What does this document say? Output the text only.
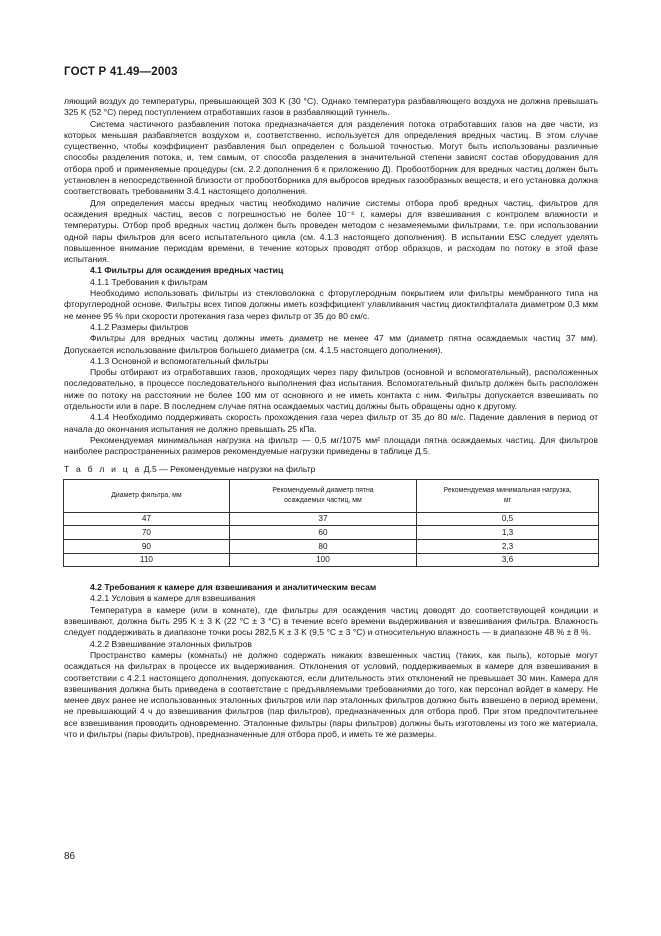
ГОСТ Р 41.49—2003

ляющий воздух до температуры, превышающей 303 K (30 °C). Однако температура разбавляющего воздуха не должна превышать 325 K (52 °C) перед поступлением отработавших газов в разбавляющий туннель.

Система частичного разбавления потока предназначается для разделения потока отработавших газов на две части, из которых меньшая разбавляется воздухом и, соответственно, используется для определения вредных частиц. В этом случае существенно, чтобы коэффициент разбавления был определен с большой точностью. Могут быть использованы различные способы разделения потока, и, тем самым, от способа разделения в значительной степени зависят состав оборудования для отбора проб и применяемые процедуры (см. 2.2 дополнения 6 к приложению Д). Пробоотборник для вредных частиц должен быть установлен в непосредственной близости от пробоотборника для выбросов вредных газообразных веществ, и его установка должна соответствовать требованиям 3.4.1 настоящего дополнения.

Для определения массы вредных частиц необходимо наличие системы отбора проб вредных частиц, фильтров для осаждения вредных частиц, весов с погрешностью не более 10⁻⁶ г, камеры для взвешивания с контролем влажности и температуры. Отбор проб вредных частиц должен быть проведен методом с незамеяемыми фильтрами, т.е. при использовании одной пары фильтров для всего испытательного цикла (см. 4.1.3 настоящего дополнения). В испытании ESC следует уделять повышенное внимание периодам времени, в течение которых проводят отбор образцов, и расходам по потоку в этой фазе испытания.

4.1 Фильтры для осаждения вредных частиц

4.1.1 Требования к фильтрам

Необходимо использовать фильтры из стекловолокна с фторуглеродным покрытием или фильтры мембранного типа на фторуглеродной основе. Фильтры всех типов должны иметь коэффициент улавливания частиц диоктилфталата диаметром 0,3 мкм не менее 95 % при скорости протекания газа через фильтр от 35 до 80 см/с.

4.1.2 Размеры фильтров

Фильтры для вредных частиц должны иметь диаметр не менее 47 мм (диаметр пятна осаждаемых частиц 37 мм). Допускается использование фильтров большего диаметра (см. 4.1.5 настоящего дополнения).

4.1.3 Основной и вспомогательный фильтры

Пробы отбирают из отработавших газов, проходящих через пару фильтров (основной и вспомогательный), расположенных последовательно, в процессе последовательного выполнения фаз испытания. Вспомогательный фильтр должен быть расположен ниже по потоку на расстоянии не более 100 мм от основного и не иметь контакта с ним. Фильтры допускается взвешивать по отдельности или в паре. В последнем случае пятна осаждаемых частиц должны быть обращены одно к другому.

4.1.4 Необходимо поддерживать скорость прохождения газа через фильтр от 35 до 80 м/с. Падение давления в период от начала до окончания испытания не должно превышать 25 кПа.

Рекомендуемая минимальная нагрузка на фильтр — 0,5 мг/1075 мм² площади пятна осаждаемых частиц. Для фильтров наиболее распространенных размеров рекомендуемые нагрузки приведены в таблице Д.5.

Т а б л и ц а Д.5 — Рекомендуемые нагрузки на фильтр

Диаметр фильтра, мм	Рекомендуемый диаметр пятна осаждаемых частиц, мм	Рекомендуемая минимальная нагрузка, мг

47	37	0,5
70	60	1,3
90	80	2,3
110	100	3,6

4.2 Требования к камере для взвешивания и аналитическим весам

4.2.1 Условия в камере для взвешивания

Температура в камере (или в комнате), где фильтры для осаждения частиц доводят до соответствующей кондиции и взвешивают, должна быть 295 K ± 3 K (22 °C ± 3 °C) в течение всего времени выдерживания и взвешивания фильтра. Влажность следует поддерживать в диапазоне точки росы 282,5 K ± 3 K (9,5 °C ± 3 °C) и относительную влажность — в диапазоне 48 % ± 8 %.

4.2.2 Взвешивание эталонных фильтров

Пространство камеры (комнаты) не должно содержать никаких взвешенных частиц (таких, как пыль), которые могут осаждаться на фильтрах в процессе их выдерживания. Отклонения от условий, поддерживаемых в камере для взвешивания в соответствии с 4.2.1 настоящего дополнения, допускаются, если длительность этих отклонений не превышает 30 мин. Камера для взвешивания должна быть приведена в соответствие с предъявляемыми требованиями до того, как персонал войдет в камеру. Не менее двух ранее не использованных эталонных фильтров или пар эталонных фильтров должно быть взвешено в период времени, не превышающий 4 ч до взвешивания фильтров (пар фильтров), предназначенных для отбора проб. При этом предпочтительнее все взвешивания проводить одновременно. Эталонные фильтры (пары фильтров) должны быть изготовлены из того же материала, что и фильтры (пары фильтров), предназначенные для отбора проб, и иметь те же размеры.

86
